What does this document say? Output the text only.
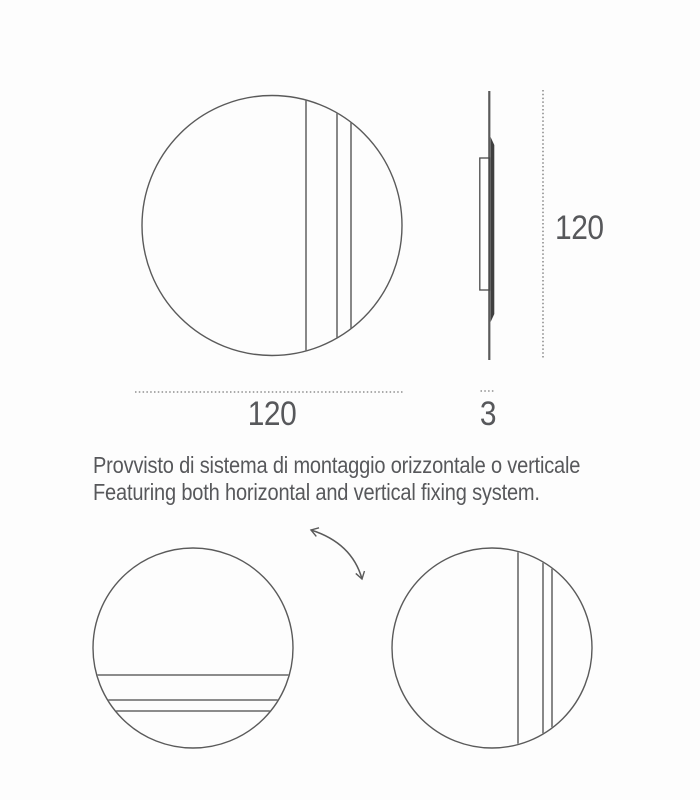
120	3
120
Provvisto di sistema di montaggio orizzontale o verticale
Featuring both horizontal and vertical fixing system.
